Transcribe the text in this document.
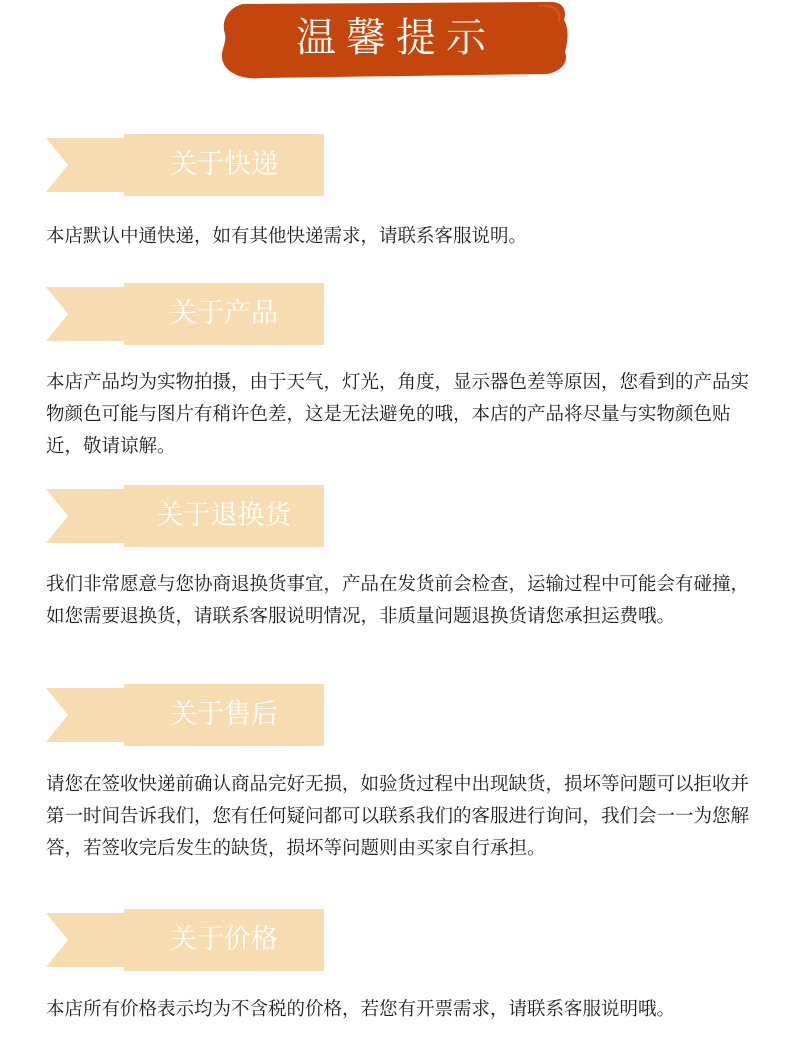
温馨提示
关于快递
本店默认中通快递，如有其他快递需求，请联系客服说明。
关于产品
本店产品均为实物拍摄，由于天气，灯光，角度，显示器色差等原因，您看到的产品实物颜色可能与图片有稍许色差，这是无法避免的哦，本店的产品将尽量与实物颜色贴近，敬请谅解。
关于退换货
我们非常愿意与您协商退换货事宜，产品在发货前会检查，运输过程中可能会有碰撞，如您需要退换货，请联系客服说明情况，非质量问题退换货请您承担运费哦。
关于售后
请您在签收快递前确认商品完好无损，如验货过程中出现缺货，损坏等问题可以拒收并第一时间告诉我们，您有任何疑问都可以联系我们的客服进行询问，我们会一一为您解答，若签收完后发生的缺货，损坏等问题则由买家自行承担。
关于价格
本店所有价格表示均为不含税的价格，若您有开票需求，请联系客服说明哦。
